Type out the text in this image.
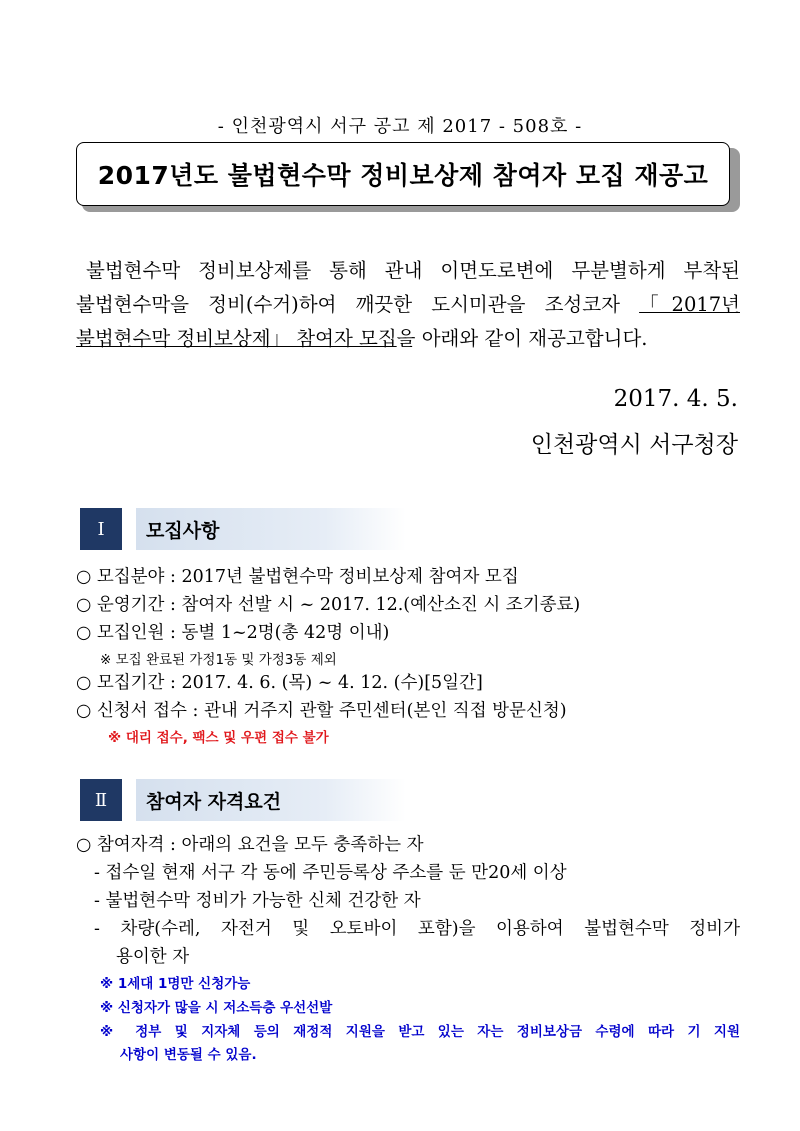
- 인천광역시 서구 공고 제 2017 - 508호 -
2017년도 불법현수막 정비보상제 참여자 모집 재공고
불법현수막 정비보상제를 통해 관내 이면도로변에 무분별하게 부착된
불법현수막을 정비(수거)하여 깨끗한 도시미관을 조성코자 「2017년
불법현수막 정비보상제」 참여자 모집을 아래와 같이 재공고합니다.
2017. 4. 5.
인천광역시 서구청장
Ⅰ	모집사항
○ 모집분야 : 2017년 불법현수막 정비보상제 참여자 모집
○ 운영기간 : 참여자 선발 시 ~ 2017. 12.(예산소진 시 조기종료)
○ 모집인원 : 동별 1~2명(총 42명 이내)
※ 모집 완료된 가정1동 및 가정3동 제외
○ 모집기간 : 2017. 4. 6. (목) ~ 4. 12. (수)[5일간]
○ 신청서 접수 : 관내 거주지 관할 주민센터(본인 직접 방문신청)
※ 대리 접수, 팩스 및 우편 접수 불가
Ⅱ	참여자 자격요건
○ 참여자격 : 아래의 요건을 모두 충족하는 자
- 접수일 현재 서구 각 동에 주민등록상 주소를 둔 만20세 이상
- 불법현수막 정비가 가능한 신체 건강한 자
- 차량(수레, 자전거 및 오토바이 포함)을 이용하여 불법현수막 정비가
용이한 자
※ 1세대 1명만 신청가능
※ 신청자가 많을 시 저소득층 우선선발
※ 정부 및 지자체 등의 재정적 지원을 받고 있는 자는 정비보상금 수령에 따라 기 지원
사항이 변동될 수 있음.
